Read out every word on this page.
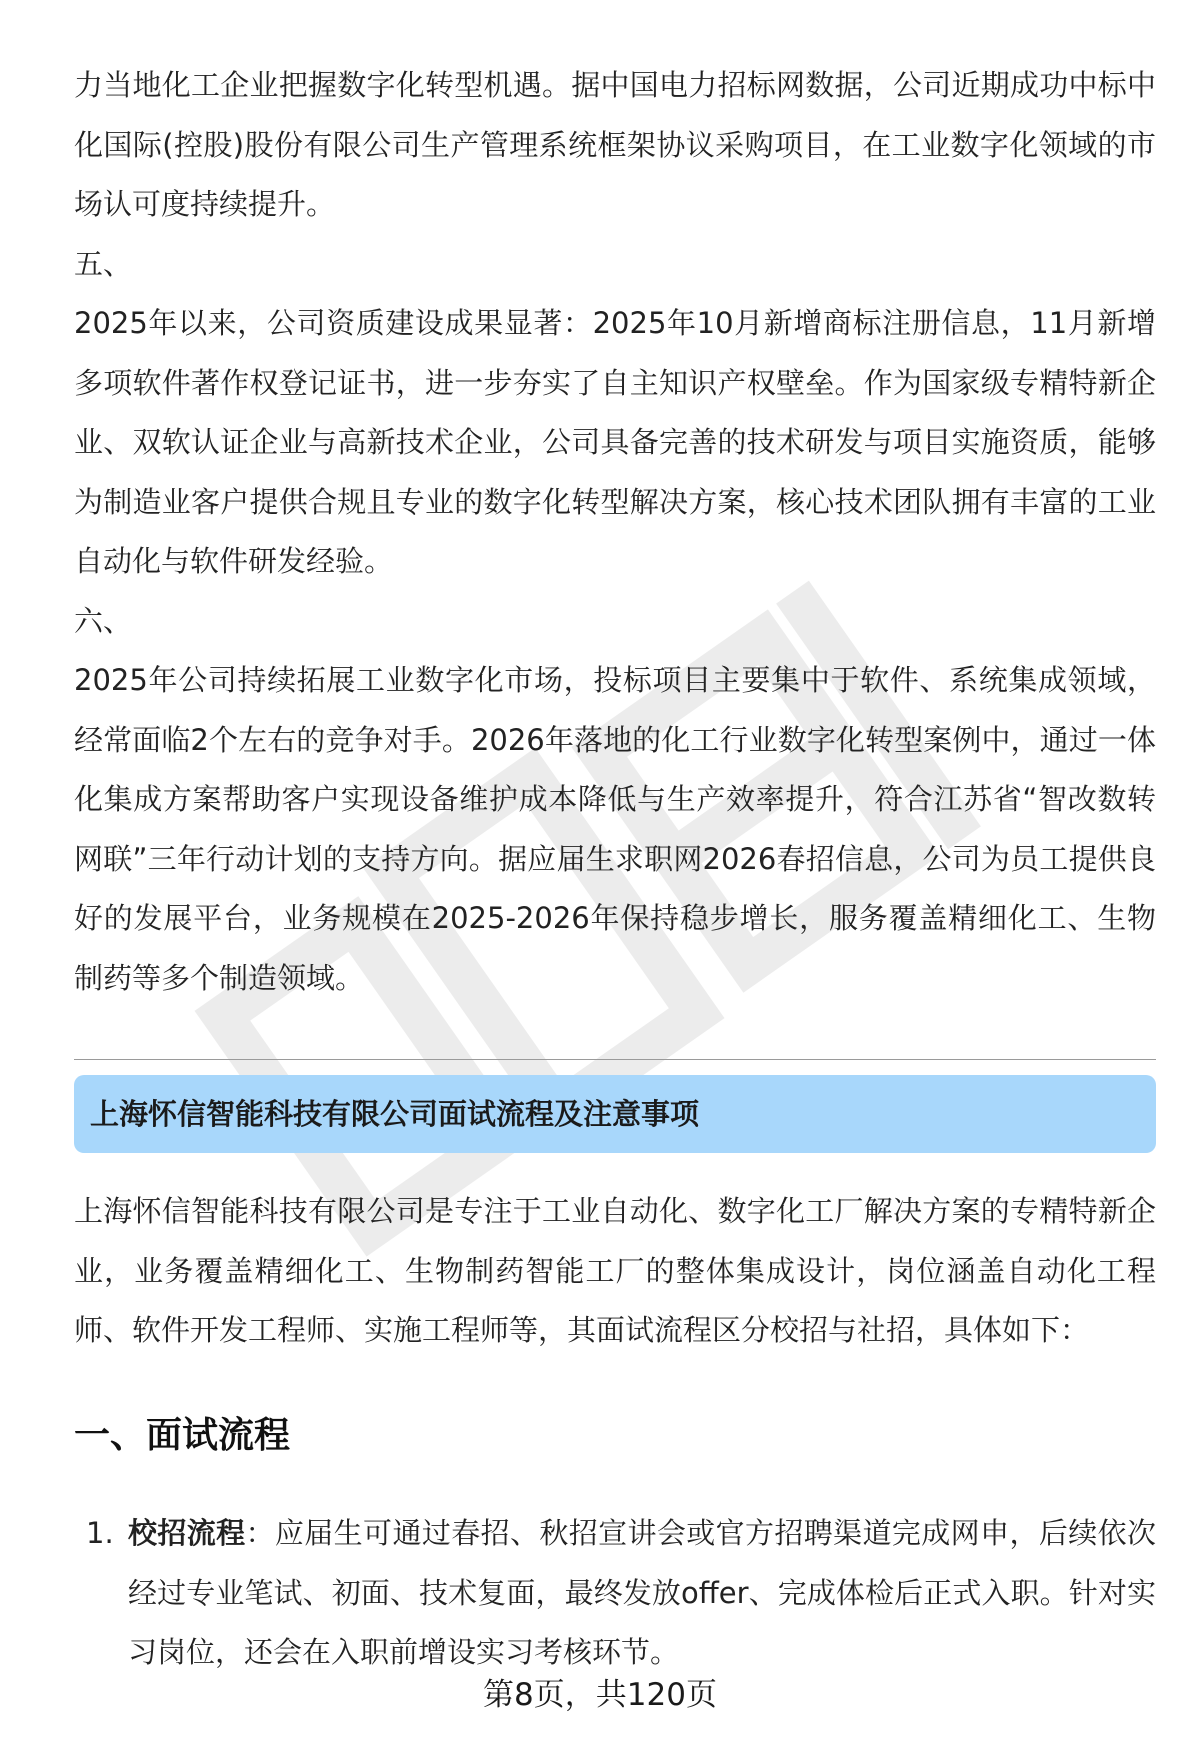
力当地化工企业把握数字化转型机遇。据中国电力招标网数据，公司近期成功中标中化国际(控股)股份有限公司生产管理系统框架协议采购项目，在工业数字化领域的市场认可度持续提升。

五、

2025年以来，公司资质建设成果显著：2025年10月新增商标注册信息，11月新增多项软件著作权登记证书，进一步夯实了自主知识产权壁垒。作为国家级专精特新企业、双软认证企业与高新技术企业，公司具备完善的技术研发与项目实施资质，能够为制造业客户提供合规且专业的数字化转型解决方案，核心技术团队拥有丰富的工业自动化与软件研发经验。

六、

2025年公司持续拓展工业数字化市场，投标项目主要集中于软件、系统集成领域，经常面临2个左右的竞争对手。2026年落地的化工行业数字化转型案例中，通过一体化集成方案帮助客户实现设备维护成本降低与生产效率提升，符合江苏省“智改数转网联”三年行动计划的支持方向。据应届生求职网2026春招信息，公司为员工提供良好的发展平台，业务规模在2025-2026年保持稳步增长，服务覆盖精细化工、生物制药等多个制造领域。

上海怀信智能科技有限公司面试流程及注意事项

上海怀信智能科技有限公司是专注于工业自动化、数字化工厂解决方案的专精特新企业，业务覆盖精细化工、生物制药智能工厂的整体集成设计，岗位涵盖自动化工程师、软件开发工程师、实施工程师等，其面试流程区分校招与社招，具体如下：

一、面试流程
1. 校招流程：应届生可通过春招、秋招宣讲会或官方招聘渠道完成网申，后续依次经过专业笔试、初面、技术复面，最终发放offer、完成体检后正式入职。针对实习岗位，还会在入职前增设实习考核环节。

第8页，共120页
